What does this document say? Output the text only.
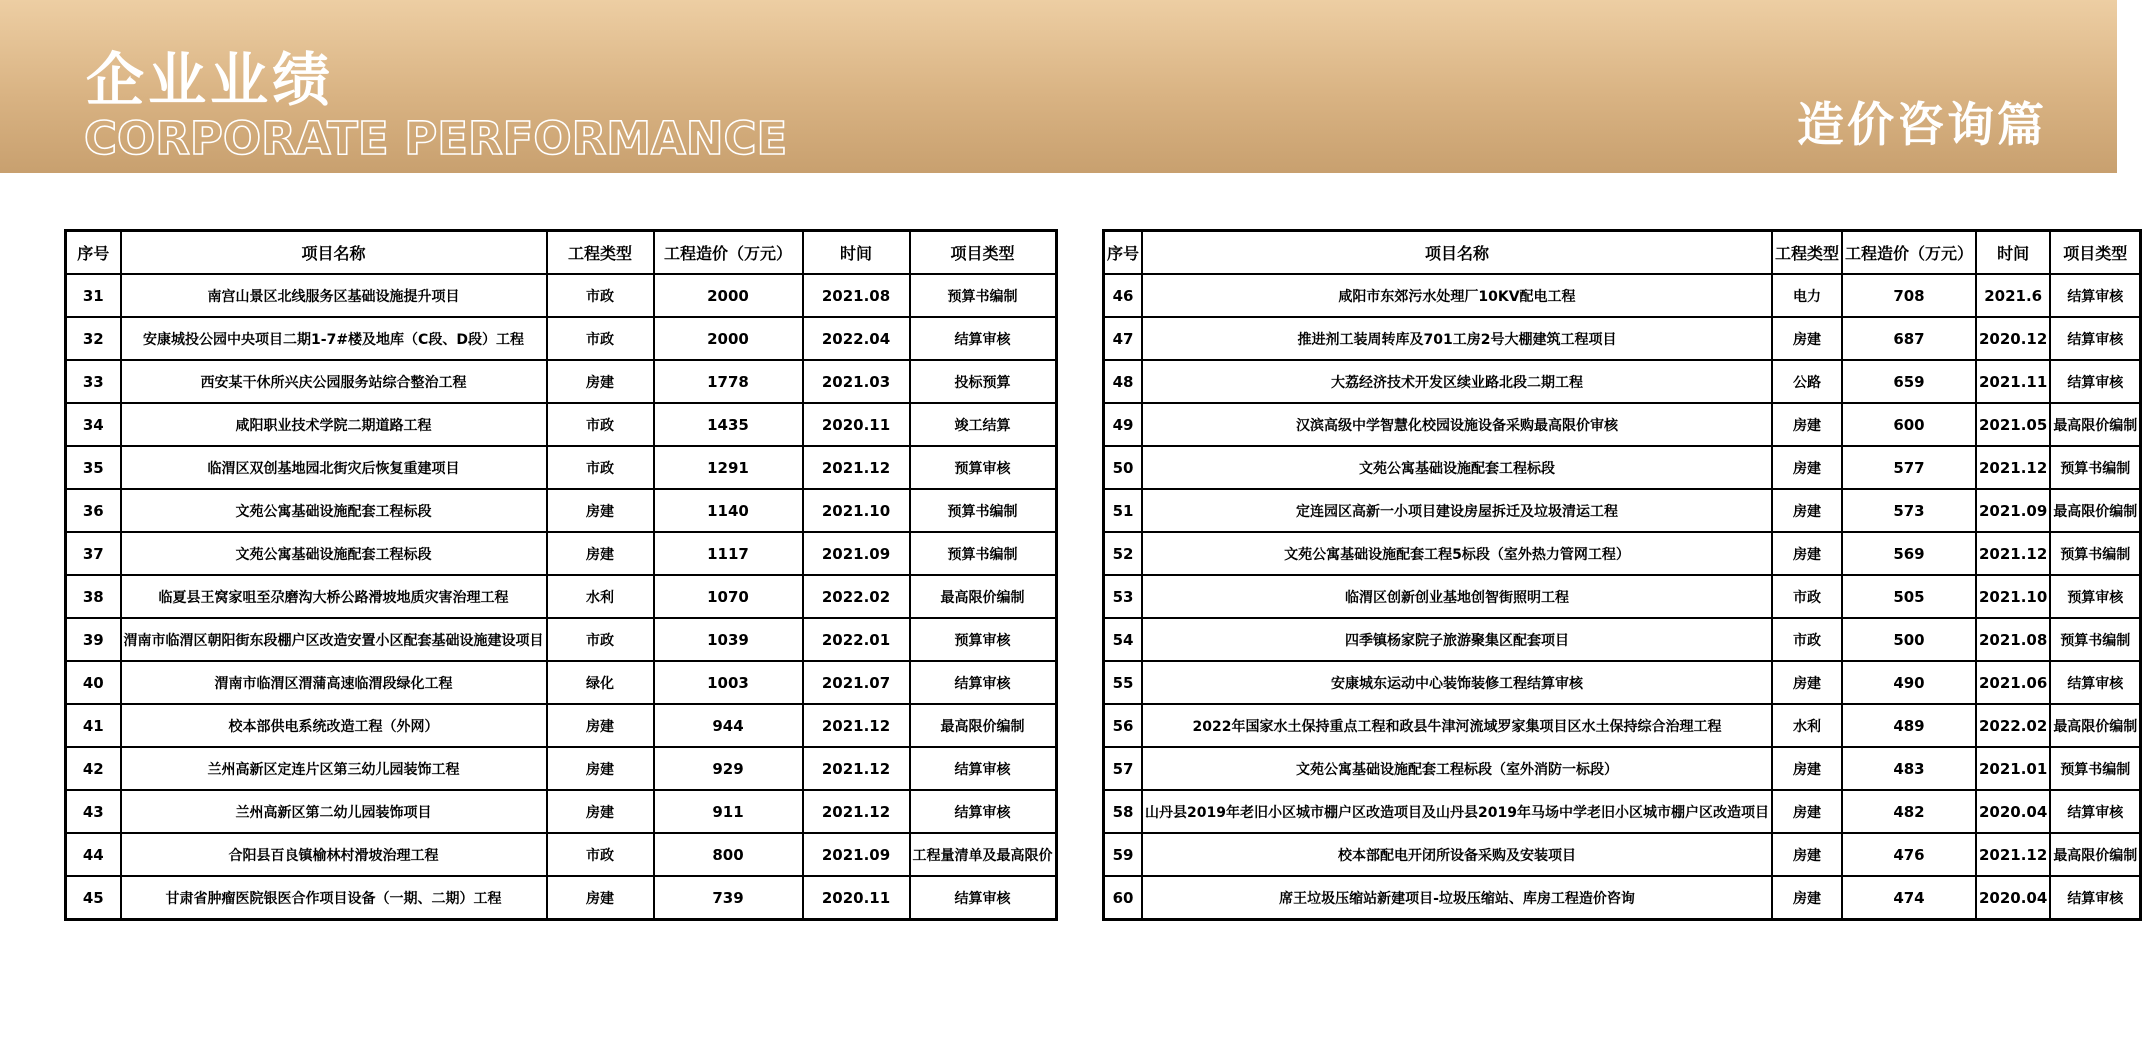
企业业绩
CORPORATE PERFORMANCE	造价咨询篇
序号	项目名称	工程类型	工程造价（万元）	时间	项目类型
31	南宫山景区北线服务区基础设施提升项目	市政	2000	2021.08	预算书编制
32	安康城投公园中央项目二期1-7#楼及地库（C段、D段）工程	市政	2000	2022.04	结算审核
33	西安某干休所兴庆公园服务站综合整治工程	房建	1778	2021.03	投标预算
34	咸阳职业技术学院二期道路工程	市政	1435	2020.11	竣工结算
35	临渭区双创基地园北街灾后恢复重建项目	市政	1291	2021.12	预算审核
36	文苑公寓基础设施配套工程标段	房建	1140	2021.10	预算书编制
37	文苑公寓基础设施配套工程标段	房建	1117	2021.09	预算书编制
38	临夏县王窝家咀至尕磨沟大桥公路滑坡地质灾害治理工程	水利	1070	2022.02	最高限价编制
39	渭南市临渭区朝阳街东段棚户区改造安置小区配套基础设施建设项目	市政	1039	2022.01	预算审核
40	渭南市临渭区渭蒲高速临渭段绿化工程	绿化	1003	2021.07	结算审核
41	校本部供电系统改造工程（外网）	房建	944	2021.12	最高限价编制
42	兰州高新区定连片区第三幼儿园装饰工程	房建	929	2021.12	结算审核
43	兰州高新区第二幼儿园装饰项目	房建	911	2021.12	结算审核
44	合阳县百良镇榆林村滑坡治理工程	市政	800	2021.09	工程量清单及最高限价
45	甘肃省肿瘤医院银医合作项目设备（一期、二期）工程	房建	739	2020.11	结算审核
序号	项目名称	工程类型	工程造价（万元）	时间	项目类型
46	咸阳市东郊污水处理厂10KV配电工程	电力	708	2021.6	结算审核
47	推进剂工装周转库及701工房2号大棚建筑工程项目	房建	687	2020.12	结算审核
48	大荔经济技术开发区续业路北段二期工程	公路	659	2021.11	结算审核
49	汉滨高级中学智慧化校园设施设备采购最高限价审核	房建	600	2021.05	最高限价编制
50	文苑公寓基础设施配套工程标段	房建	577	2021.12	预算书编制
51	定连园区高新一小项目建设房屋拆迁及垃圾清运工程	房建	573	2021.09	最高限价编制
52	文苑公寓基础设施配套工程5标段（室外热力管网工程）	房建	569	2021.12	预算书编制
53	临渭区创新创业基地创智街照明工程	市政	505	2021.10	预算审核
54	四季镇杨家院子旅游聚集区配套项目	市政	500	2021.08	预算书编制
55	安康城东运动中心装饰装修工程结算审核	房建	490	2021.06	结算审核
56	2022年国家水土保持重点工程和政县牛津河流域罗家集项目区水土保持综合治理工程	水利	489	2022.02	最高限价编制
57	文苑公寓基础设施配套工程标段（室外消防一标段）	房建	483	2021.01	预算书编制
58	山丹县2019年老旧小区城市棚户区改造项目及山丹县2019年马场中学老旧小区城市棚户区改造项目	房建	482	2020.04	结算审核
59	校本部配电开闭所设备采购及安装项目	房建	476	2021.12	最高限价编制
60	席王垃圾压缩站新建项目-垃圾压缩站、库房工程造价咨询	房建	474	2020.04	结算审核
